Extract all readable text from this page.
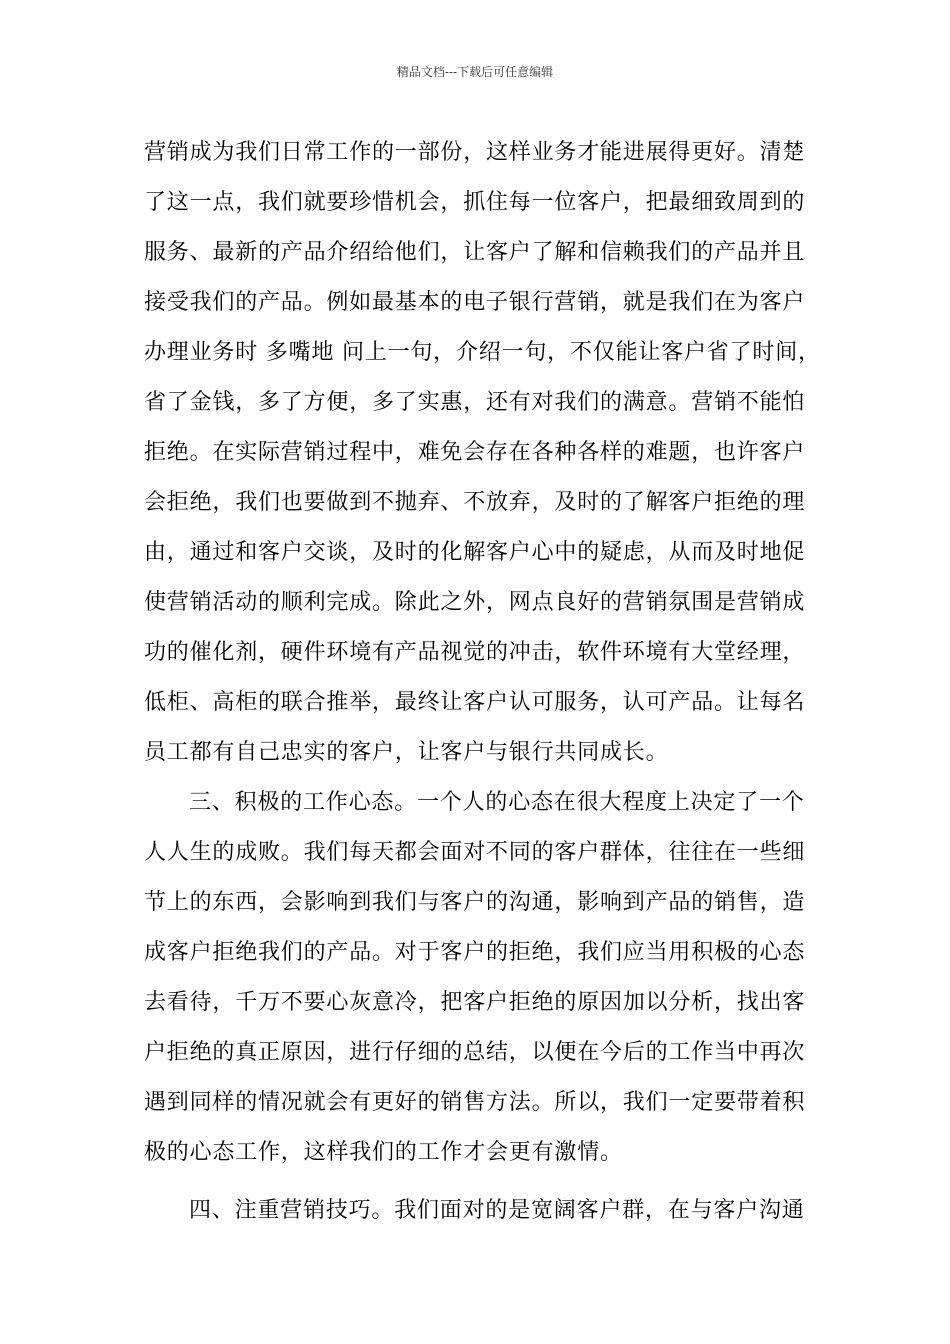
精品文档---下载后可任意编辑
营销成为我们日常工作的一部份，这样业务才能进展得更好。清楚
了这一点，我们就要珍惜机会，抓住每一位客户，把最细致周到的
服务、最新的产品介绍给他们，让客户了解和信赖我们的产品并且
接受我们的产品。例如最基本的电子银行营销，就是我们在为客户
办理业务时 多嘴地 问上一句，介绍一句，不仅能让客户省了时间，
省了金钱，多了方便，多了实惠，还有对我们的满意。营销不能怕
拒绝。在实际营销过程中，难免会存在各种各样的难题，也许客户
会拒绝，我们也要做到不抛弃、不放弃，及时的了解客户拒绝的理
由，通过和客户交谈，及时的化解客户心中的疑虑，从而及时地促
使营销活动的顺利完成。除此之外，网点良好的营销氛围是营销成
功的催化剂，硬件环境有产品视觉的冲击，软件环境有大堂经理，
低柜、高柜的联合推举，最终让客户认可服务，认可产品。让每名
员工都有自己忠实的客户，让客户与银行共同成长。
三、积极的工作心态。一个人的心态在很大程度上决定了一个
人人生的成败。我们每天都会面对不同的客户群体，往往在一些细
节上的东西，会影响到我们与客户的沟通，影响到产品的销售，造
成客户拒绝我们的产品。对于客户的拒绝，我们应当用积极的心态
去看待，千万不要心灰意冷，把客户拒绝的原因加以分析，找出客
户拒绝的真正原因，进行仔细的总结，以便在今后的工作当中再次
遇到同样的情况就会有更好的销售方法。所以，我们一定要带着积
极的心态工作，这样我们的工作才会更有激情。
四、注重营销技巧。我们面对的是宽阔客户群，在与客户沟通
